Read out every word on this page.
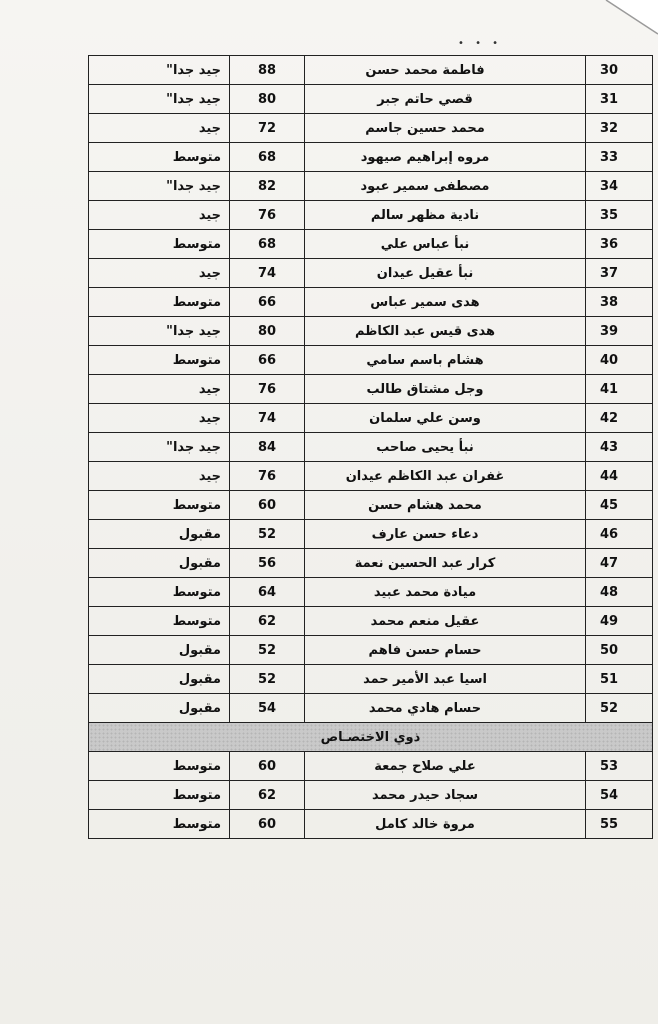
• • •
30	فاطمة محمد حسن	88	جيد جدا"
31	قصي حاتم جبر	80	جيد جدا"
32	محمد حسين جاسم	72	جيد
33	مروه إبراهيم صيهود	68	متوسط
34	مصطفى سمير عبود	82	جيد جدا"
35	نادية مظهر سالم	76	جيد
36	نبأ عباس علي	68	متوسط
37	نبأ عقيل عيدان	74	جيد
38	هدى سمير عباس	66	متوسط
39	هدى قيس عبد الكاظم	80	جيد جدا"
40	هشام باسم سامي	66	متوسط
41	وجل مشتاق طالب	76	جيد
42	وسن علي سلمان	74	جيد
43	نبأ يحيى صاحب	84	جيد جدا"
44	غفران عبد الكاظم عيدان	76	جيد
45	محمد هشام حسن	60	متوسط
46	دعاء حسن عارف	52	مقبول
47	كرار عبد الحسين نعمة	56	مقبول
48	ميادة محمد عبيد	64	متوسط
49	عقيل منعم محمد	62	متوسط
50	حسام حسن فاهم	52	مقبول
51	اسيا عبد الأمير حمد	52	مقبول
52	حسام هادي محمد	54	مقبول
ذوي الاختصـاص			
53	علي صلاح جمعة	60	متوسط
54	سجاد حيدر محمد	62	متوسط
55	مروة خالد كامل	60	متوسط
